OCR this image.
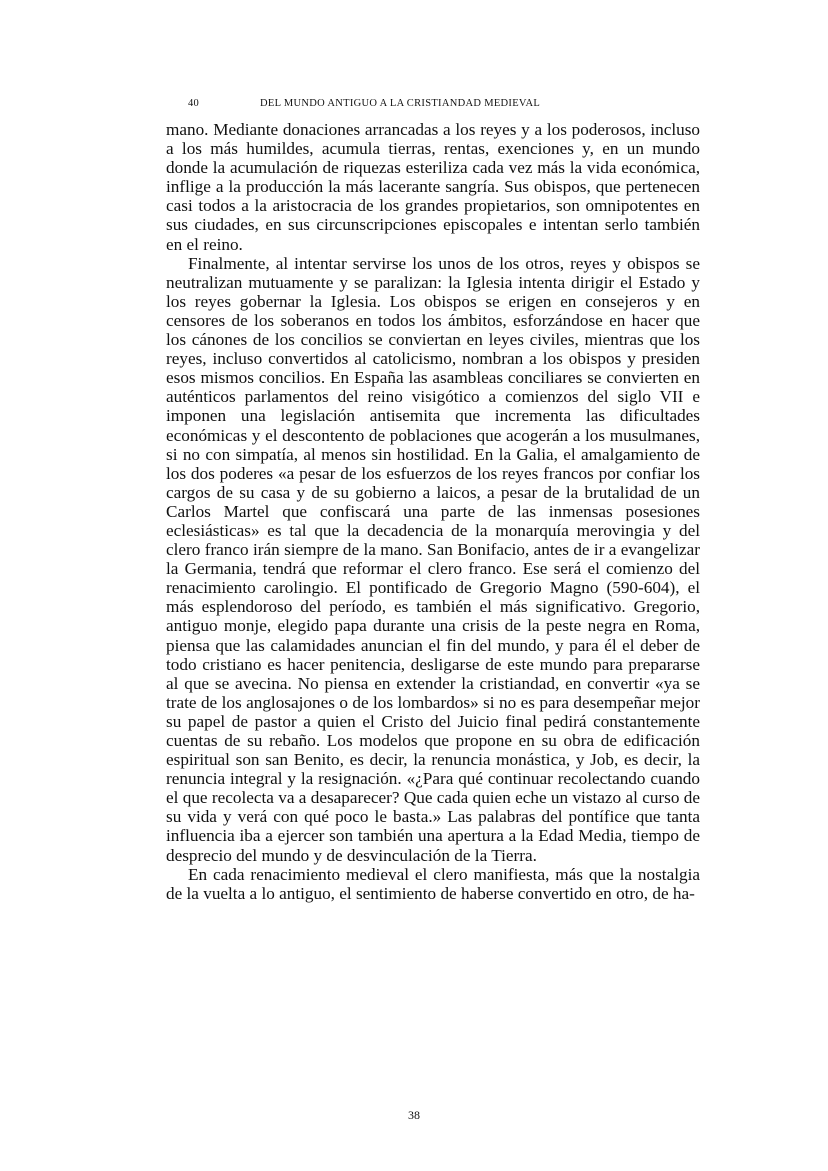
40	DEL MUNDO ANTIGUO A LA CRISTIANDAD MEDIEVAL

mano. Mediante donaciones arrancadas a los reyes y a los poderosos, incluso a los más humildes, acumula tierras, rentas, exenciones y, en un mundo donde la acumulación de riquezas esteriliza cada vez más la vida económica, inflige a la producción la más lacerante sangría. Sus obispos, que pertenecen casi todos a la aristocracia de los grandes propietarios, son omnipotentes en sus ciudades, en sus circunscripciones episcopales e intentan serlo también en el reino.

Finalmente, al intentar servirse los unos de los otros, reyes y obispos se neutralizan mutuamente y se paralizan: la Iglesia intenta dirigir el Estado y los reyes gobernar la Iglesia. Los obispos se erigen en consejeros y en censores de los soberanos en todos los ámbitos, esforzándose en hacer que los cánones de los concilios se conviertan en leyes civiles, mientras que los reyes, incluso convertidos al catolicismo, nombran a los obispos y presiden esos mismos concilios. En España las asambleas conciliares se convierten en auténticos parlamentos del reino visigótico a comienzos del siglo VII e imponen una legislación antisemita que incrementa las dificultades económicas y el descontento de poblaciones que acogerán a los musulmanes, si no con simpatía, al menos sin hostilidad. En la Galia, el amalgamiento de los dos poderes «a pesar de los esfuerzos de los reyes francos por confiar los cargos de su casa y de su gobierno a laicos, a pesar de la brutalidad de un Carlos Martel que confiscará una parte de las inmensas posesiones eclesiásticas» es tal que la decadencia de la monarquía merovingia y del clero franco irán siempre de la mano. San Bonifacio, antes de ir a evangelizar la Germania, tendrá que reformar el clero franco. Ese será el comienzo del renacimiento carolingio. El pontificado de Gregorio Magno (590-604), el más esplendoroso del período, es también el más significativo. Gregorio, antiguo monje, elegido papa durante una crisis de la peste negra en Roma, piensa que las calamidades anuncian el fin del mundo, y para él el deber de todo cristiano es hacer penitencia, desligarse de este mundo para prepararse al que se avecina. No piensa en extender la cristiandad, en convertir «ya se trate de los anglosajones o de los lombardos» si no es para desempeñar mejor su papel de pastor a quien el Cristo del Juicio final pedirá constantemente cuentas de su rebaño. Los modelos que propone en su obra de edificación espiritual son san Benito, es decir, la renuncia monástica, y Job, es decir, la renuncia integral y la resignación. «¿Para qué continuar recolectando cuando el que recolecta va a desaparecer? Que cada quien eche un vistazo al curso de su vida y verá con qué poco le basta.» Las palabras del pontífice que tanta influencia iba a ejercer son también una apertura a la Edad Media, tiempo de desprecio del mundo y de desvinculación de la Tierra.

En cada renacimiento medieval el clero manifiesta, más que la nostalgia de la vuelta a lo antiguo, el sentimiento de haberse convertido en otro, de ha-

38
